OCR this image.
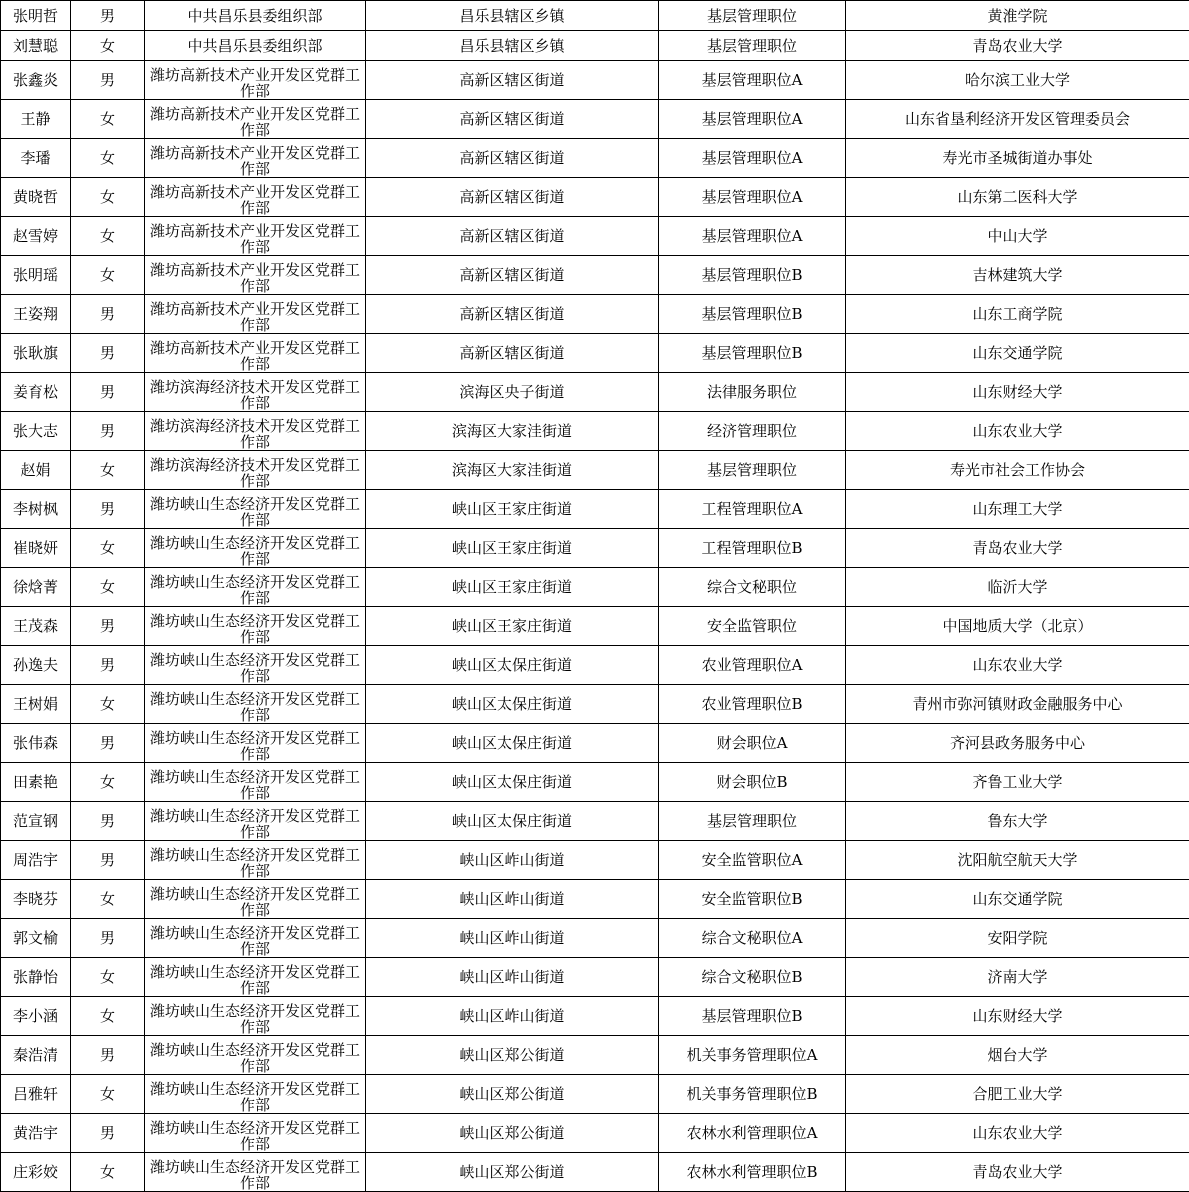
张明哲	男	中共昌乐县委组织部	昌乐县辖区乡镇	基层管理职位	黄淮学院
刘慧聪	女	中共昌乐县委组织部	昌乐县辖区乡镇	基层管理职位	青岛农业大学
张鑫炎	男	潍坊高新技术产业开发区党群工作部	高新区辖区街道	基层管理职位A	哈尔滨工业大学
王静	女	潍坊高新技术产业开发区党群工作部	高新区辖区街道	基层管理职位A	山东省垦利经济开发区管理委员会
李璠	女	潍坊高新技术产业开发区党群工作部	高新区辖区街道	基层管理职位A	寿光市圣城街道办事处
黄晓哲	女	潍坊高新技术产业开发区党群工作部	高新区辖区街道	基层管理职位A	山东第二医科大学
赵雪婷	女	潍坊高新技术产业开发区党群工作部	高新区辖区街道	基层管理职位A	中山大学
张明瑶	女	潍坊高新技术产业开发区党群工作部	高新区辖区街道	基层管理职位B	吉林建筑大学
王姿翔	男	潍坊高新技术产业开发区党群工作部	高新区辖区街道	基层管理职位B	山东工商学院
张耿旗	男	潍坊高新技术产业开发区党群工作部	高新区辖区街道	基层管理职位B	山东交通学院
姜育松	男	潍坊滨海经济技术开发区党群工作部	滨海区央子街道	法律服务职位	山东财经大学
张大志	男	潍坊滨海经济技术开发区党群工作部	滨海区大家洼街道	经济管理职位	山东农业大学
赵娟	女	潍坊滨海经济技术开发区党群工作部	滨海区大家洼街道	基层管理职位	寿光市社会工作协会
李树枫	男	潍坊峡山生态经济开发区党群工作部	峡山区王家庄街道	工程管理职位A	山东理工大学
崔晓妍	女	潍坊峡山生态经济开发区党群工作部	峡山区王家庄街道	工程管理职位B	青岛农业大学
徐焓菁	女	潍坊峡山生态经济开发区党群工作部	峡山区王家庄街道	综合文秘职位	临沂大学
王茂森	男	潍坊峡山生态经济开发区党群工作部	峡山区王家庄街道	安全监管职位	中国地质大学（北京）
孙逸夫	男	潍坊峡山生态经济开发区党群工作部	峡山区太保庄街道	农业管理职位A	山东农业大学
王树娟	女	潍坊峡山生态经济开发区党群工作部	峡山区太保庄街道	农业管理职位B	青州市弥河镇财政金融服务中心
张伟森	男	潍坊峡山生态经济开发区党群工作部	峡山区太保庄街道	财会职位A	齐河县政务服务中心
田素艳	女	潍坊峡山生态经济开发区党群工作部	峡山区太保庄街道	财会职位B	齐鲁工业大学
范宣钢	男	潍坊峡山生态经济开发区党群工作部	峡山区太保庄街道	基层管理职位	鲁东大学
周浩宇	男	潍坊峡山生态经济开发区党群工作部	峡山区岞山街道	安全监管职位A	沈阳航空航天大学
李晓芬	女	潍坊峡山生态经济开发区党群工作部	峡山区岞山街道	安全监管职位B	山东交通学院
郭文榆	男	潍坊峡山生态经济开发区党群工作部	峡山区岞山街道	综合文秘职位A	安阳学院
张静怡	女	潍坊峡山生态经济开发区党群工作部	峡山区岞山街道	综合文秘职位B	济南大学
李小涵	女	潍坊峡山生态经济开发区党群工作部	峡山区岞山街道	基层管理职位B	山东财经大学
秦浩清	男	潍坊峡山生态经济开发区党群工作部	峡山区郑公街道	机关事务管理职位A	烟台大学
吕雅轩	女	潍坊峡山生态经济开发区党群工作部	峡山区郑公街道	机关事务管理职位B	合肥工业大学
黄浩宇	男	潍坊峡山生态经济开发区党群工作部	峡山区郑公街道	农林水利管理职位A	山东农业大学
庄彩姣	女	潍坊峡山生态经济开发区党群工作部	峡山区郑公街道	农林水利管理职位B	青岛农业大学
